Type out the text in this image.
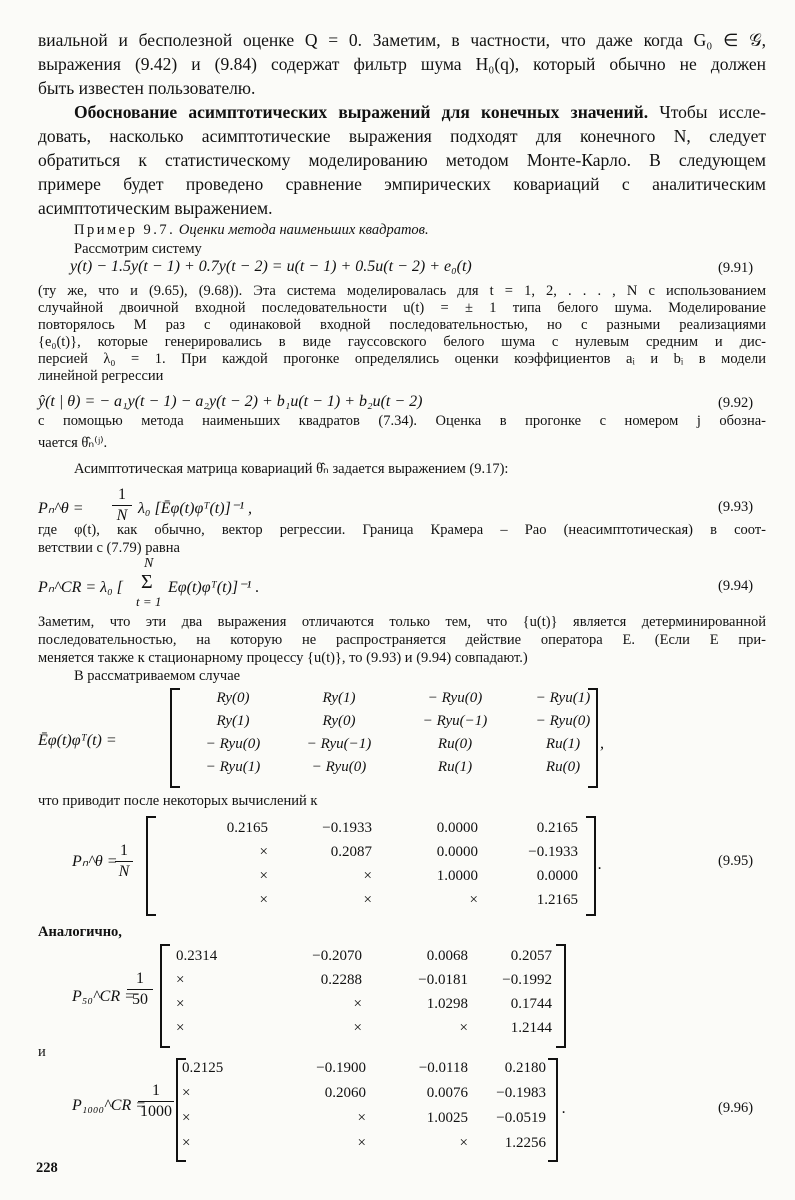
виальной и бесполезной оценке Q = 0. Заметим, в частности, что даже когда G₀ ∈ 𝒢,
выражения (9.42) и (9.84) содержат фильтр шума H₀(q), который обычно не должен
быть известен пользователю.
Обоснование асимптотических выражений для конечных значений. Чтобы иссле-
довать, насколько асимптотические выражения подходят для конечного N, следует
обратиться к статистическому моделированию методом Монте-Карло. В следующем
примере будет проведено сравнение эмпирических ковариаций с аналитическим
асимптотическим выражением.
Пример 9.7. Оценки метода наименьших квадратов.
Рассмотрим систему
y(t) − 1.5y(t − 1) + 0.7y(t − 2) = u(t − 1) + 0.5u(t − 2) + e₀(t)	(9.91)
(ту же, что и (9.65), (9.68)). Эта система моделировалась для t = 1, 2, . . . , N с использованием
случайной двоичной входной последовательности u(t) = ± 1 типа белого шума. Моделирование
повторялось M раз с одинаковой входной последовательностью, но с разными реализациями
{e₀(t)}, которые генерировались в виде гауссовского белого шума с нулевым средним и дис-
персией λ₀ = 1. При каждой прогонке определялись оценки коэффициентов aᵢ и bᵢ в модели
линейной регрессии
ŷ(t | θ) = − a₁y(t − 1) − a₂y(t − 2) + b₁u(t − 1) + b₂u(t − 2)	(9.92)
с помощью метода наименьших квадратов (7.34). Оценка в прогонке с номером j обозна-
чается θ̂ₙ⁽ʲ⁾.
Асимптотическая матрица ковариаций θ̂ₙ задается выражением (9.17):
Pₙ^θ =
1
N λ₀ [Ēφ(t)φᵀ(t)]⁻¹ ,	(9.93)
где φ(t), как обычно, вектор регрессии. Граница Крамера – Рао (неасимптотическая) в соот-
ветствии с (7.79) равна
Pₙ^CR = λ₀ [
N
Σ
t = 1
Eφ(t)φᵀ(t)]⁻¹ .	(9.94)
Заметим, что эти два выражения отличаются только тем, что {u(t)} является детерминированной
последовательностью, на которую не распространяется действие оператора E. (Если E при-
меняется также к стационарному процессу {u(t)}, то (9.93) и (9.94) совпадают.)
В рассматриваемом случае
Ēφ(t)φᵀ(t) =
Ry(0)	Ry(1)	− Ryu(0)	− Ryu(1)
Ry(1)	Ry(0)	− Ryu(−1)	− Ryu(0)
− Ryu(0)	− Ryu(−1)	Ru(0)	Ru(1)
− Ryu(1)	− Ryu(0)	Ru(1)	Ru(0)
,
что приводит после некоторых вычислений к
Pₙ^θ =
1
N
0.2165	−0.1933	0.0000	0.2165
×	0.2087	0.0000	−0.1933
×	×	1.0000	0.0000
×	×	×	1.2165
.	(9.95)
Аналогично,
P₅₀^CR =
1
50
0.2314	−0.2070	0.0068	0.2057
×	0.2288	−0.0181	−0.1992
×	×	1.0298	0.1744
×	×	×	1.2144
и
P₁₀₀₀^CR =
1
1000
0.2125	−0.1900	−0.0118	0.2180
×	0.2060	0.0076	−0.1983
×	×	1.0025	−0.0519
×	×	×	1.2256
.	(9.96)
228
